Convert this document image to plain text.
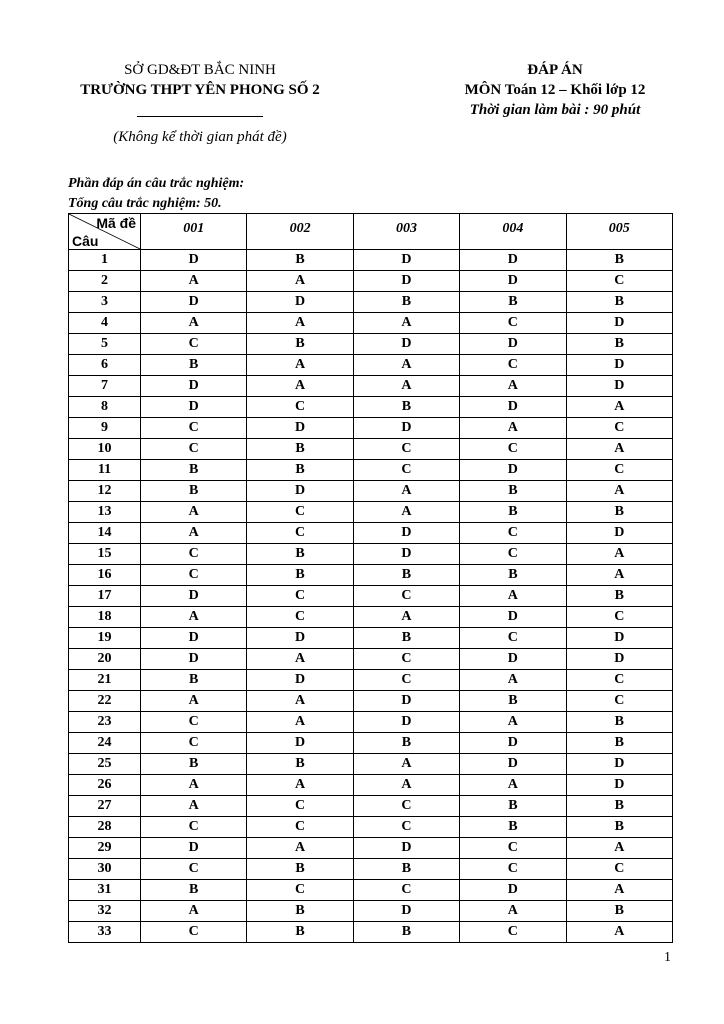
SỞ GD&ĐT BẮC NINH
TRƯỜNG THPT YÊN PHONG SỐ 2
(Không kể thời gian phát đề)
ĐÁP ÁN
MÔN Toán 12 – Khối lớp 12
Thời gian làm bài : 90 phút
Phần đáp án câu trắc nghiệm:
Tổng câu trắc nghiệm: 50.
Mã đề
Câu	001	002	003	004	005
1	D	B	D	D	B
2	A	A	D	D	C
3	D	D	B	B	B
4	A	A	A	C	D
5	C	B	D	D	B
6	B	A	A	C	D
7	D	A	A	A	D
8	D	C	B	D	A
9	C	D	D	A	C
10	C	B	C	C	A
11	B	B	C	D	C
12	B	D	A	B	A
13	A	C	A	B	B
14	A	C	D	C	D
15	C	B	D	C	A
16	C	B	B	B	A
17	D	C	C	A	B
18	A	C	A	D	C
19	D	D	B	C	D
20	D	A	C	D	D
21	B	D	C	A	C
22	A	A	D	B	C
23	C	A	D	A	B
24	C	D	B	D	B
25	B	B	A	D	D
26	A	A	A	A	D
27	A	C	C	B	B
28	C	C	C	B	B
29	D	A	D	C	A
30	C	B	B	C	C
31	B	C	C	D	A
32	A	B	D	A	B
33	C	B	B	C	A
1
